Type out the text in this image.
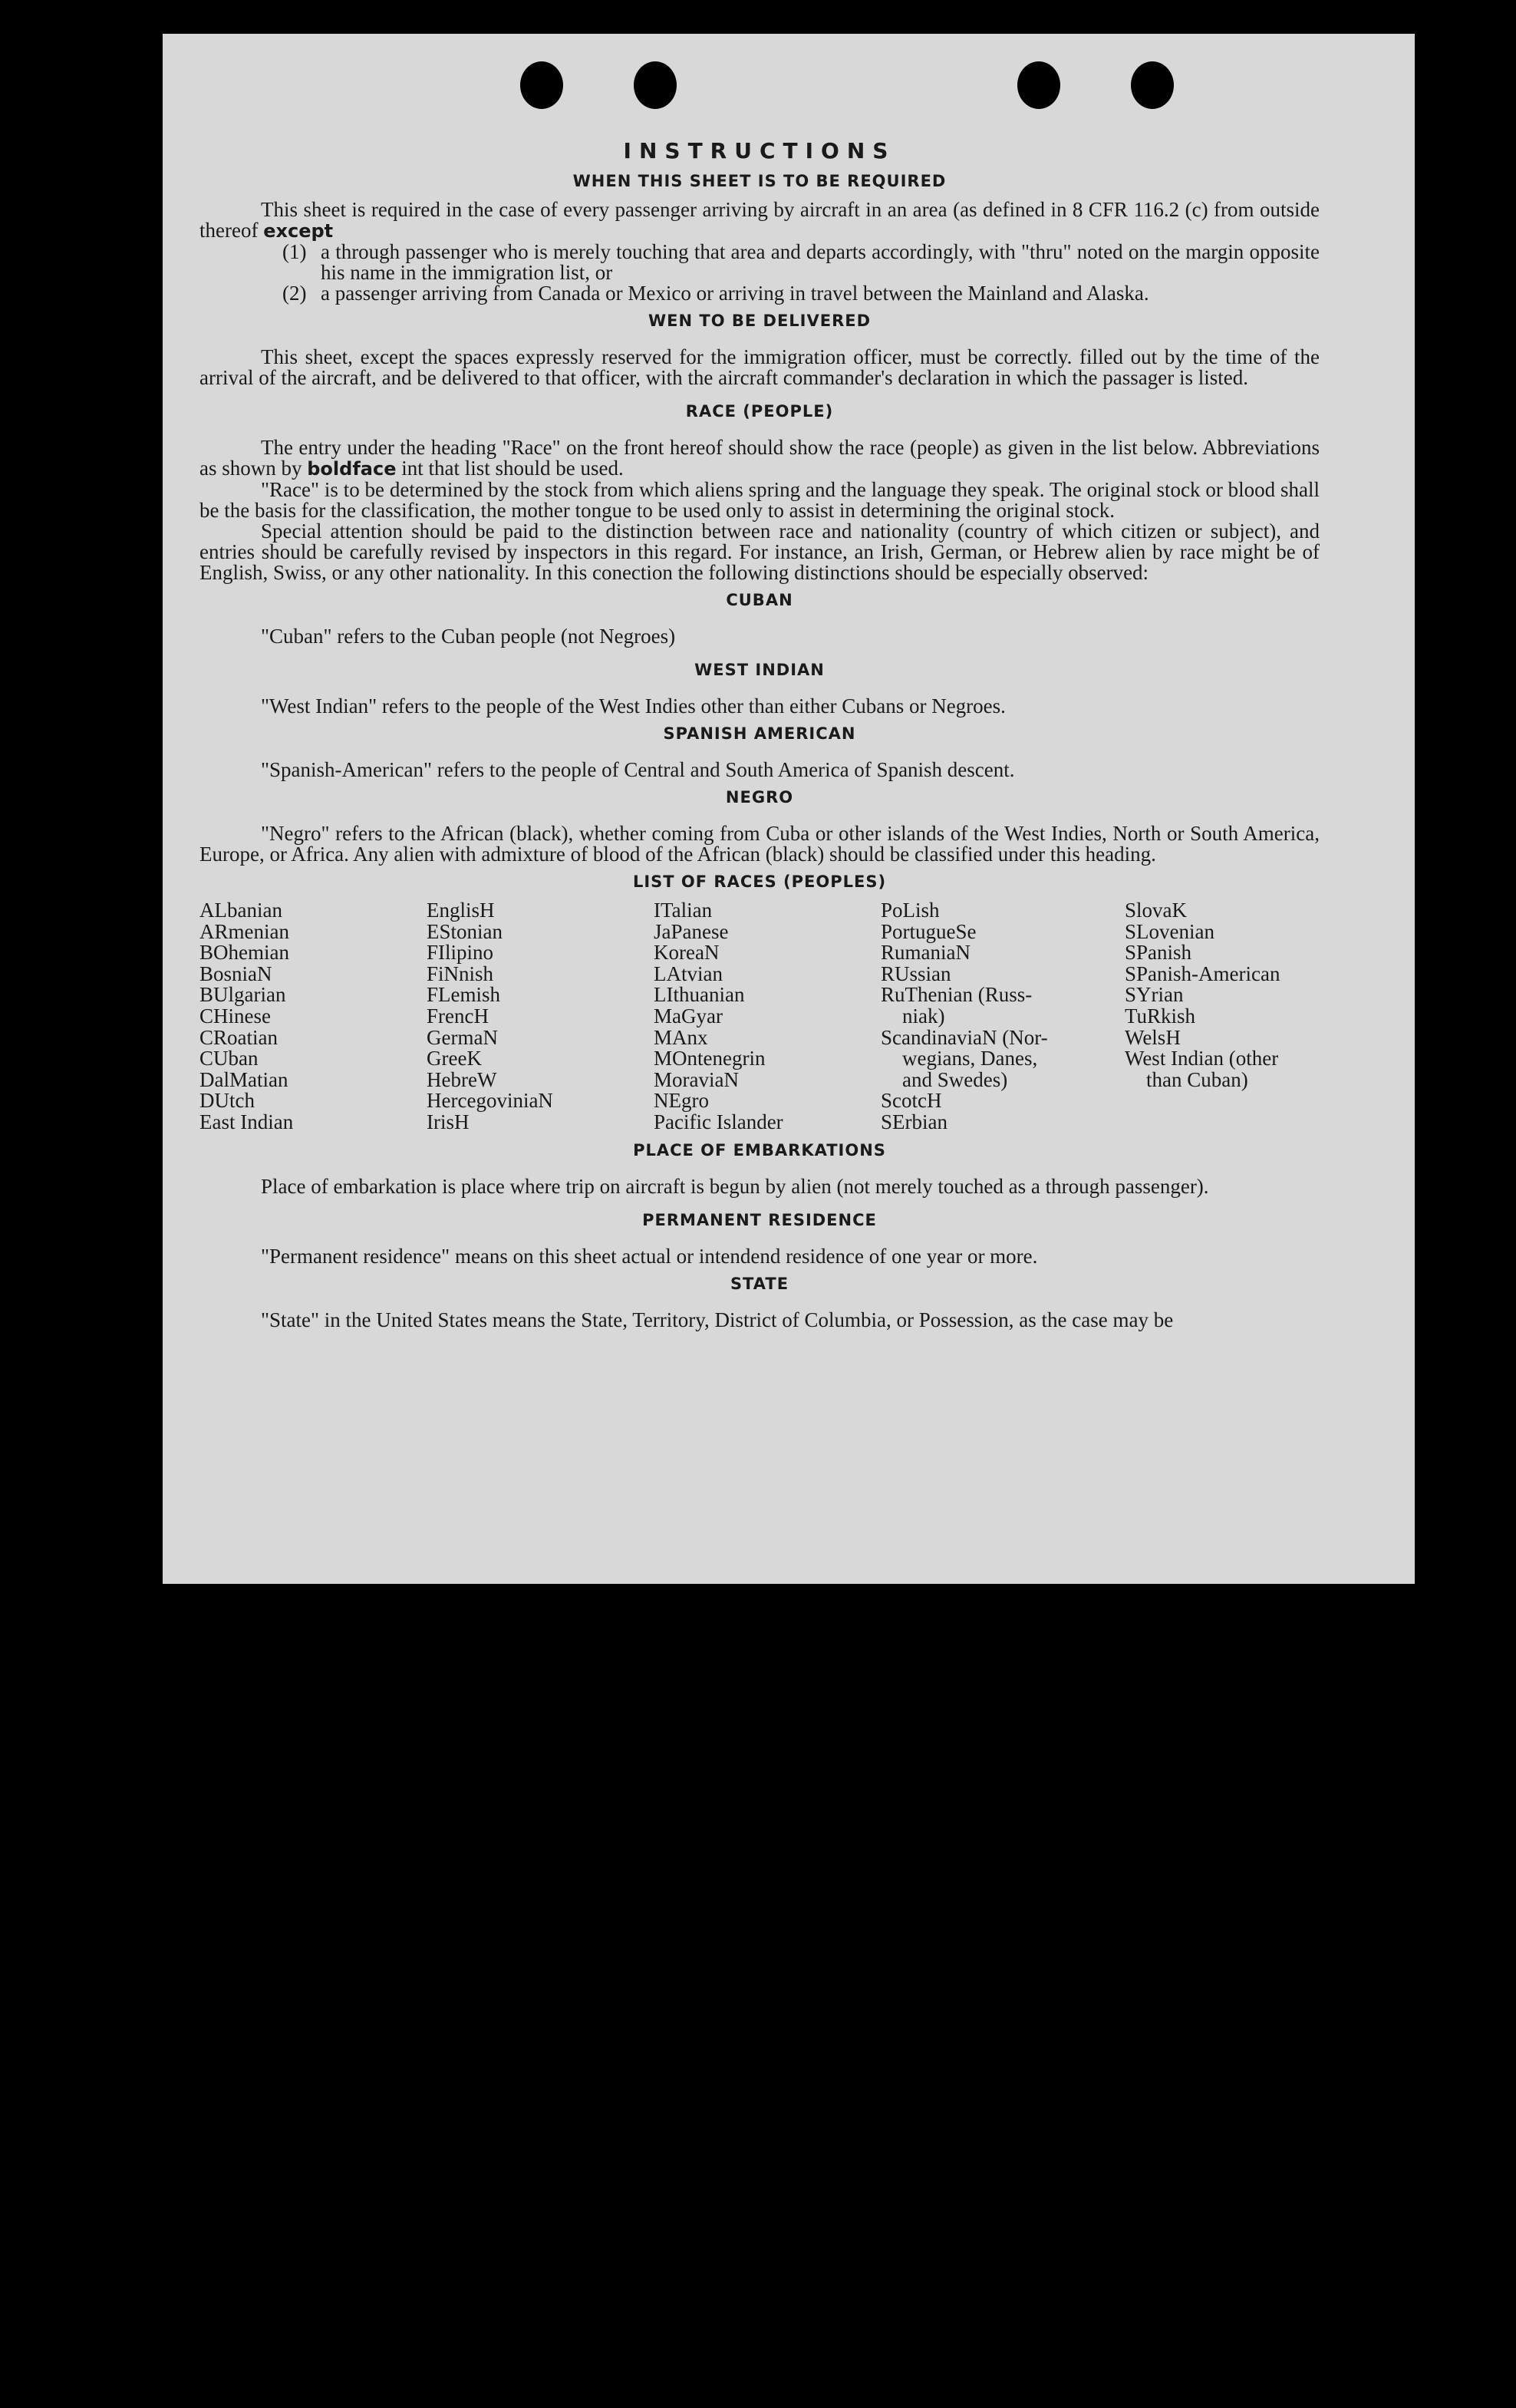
INSTRUCTIONS
WHEN THIS SHEET IS TO BE REQUIRED

This sheet is required in the case of every passenger arriving by aircraft in an area (as defined in 8 CFR 116.2 (c) from outside thereof except

(1) a through passenger who is merely touching that area and departs accordingly, with "thru" noted on the margin opposite his name in the immigration list, or
(2) a passenger arriving from Canada or Mexico or arriving in travel between the Mainland and Alaska.
WEN TO BE DELIVERED

This sheet, except the spaces expressly reserved for the immigration officer, must be correctly. filled out by the time of the arrival of the aircraft, and be delivered to that officer, with the aircraft commander's declaration in which the passager is listed.

RACE (PEOPLE)

The entry under the heading "Race" on the front hereof should show the race (people) as given in the list below. Abbreviations as shown by boldface int that list should be used.

"Race" is to be determined by the stock from which aliens spring and the language they speak. The original stock or blood shall be the basis for the classification, the mother tongue to be used only to assist in determining the original stock.

Special attention should be paid to the distinction between race and nationality (country of which citizen or subject), and entries should be carefully revised by inspectors in this regard. For instance, an Irish, German, or Hebrew alien by race might be of English, Swiss, or any other nationality. In this conection the following distinctions should be especially observed:

CUBAN

"Cuban" refers to the Cuban people (not Negroes)

WEST INDIAN

"West Indian" refers to the people of the West Indies other than either Cubans or Negroes.

SPANISH AMERICAN

"Spanish-American" refers to the people of Central and South America of Spanish descent.

NEGRO

"Negro" refers to the African (black), whether coming from Cuba or other islands of the West Indies, North or South America, Europe, or Africa. Any alien with admixture of blood of the African (black) should be classified under this heading.

LIST OF RACES (PEOPLES)
ALbanian
ARmenian
BOhemian
BosniaN
BUlgarian
CHinese
CRoatian
CUban
DalMatian
DUtch
East Indian
EnglisH
EStonian
FIlipino
FiNnish
FLemish
FrencH
GermaN
GreeK
HebreW
HercegoviniaN
IrisH
ITalian
JaPanese
KoreaN
LAtvian
LIthuanian
MaGyar
MAnx
MOntenegrin
MoraviaN
NEgro
Pacific Islander
PoLish
PortugueSe
RumaniaN
RUssian
RuThenian (Russ-
niak)
ScandinaviaN (Nor-
wegians, Danes,
and Swedes)
ScotcH
SErbian
SlovaK
SLovenian
SPanish
SPanish-American
SYrian
TuRkish
WelsH
West Indian (other
than Cuban)
PLACE OF EMBARKATIONS

Place of embarkation is place where trip on aircraft is begun by alien (not merely touched as a through passenger).

PERMANENT RESIDENCE

"Permanent residence" means on this sheet actual or intendend residence of one year or more.

STATE

"State" in the United States means the State, Territory, District of Columbia, or Possession, as the case may be
